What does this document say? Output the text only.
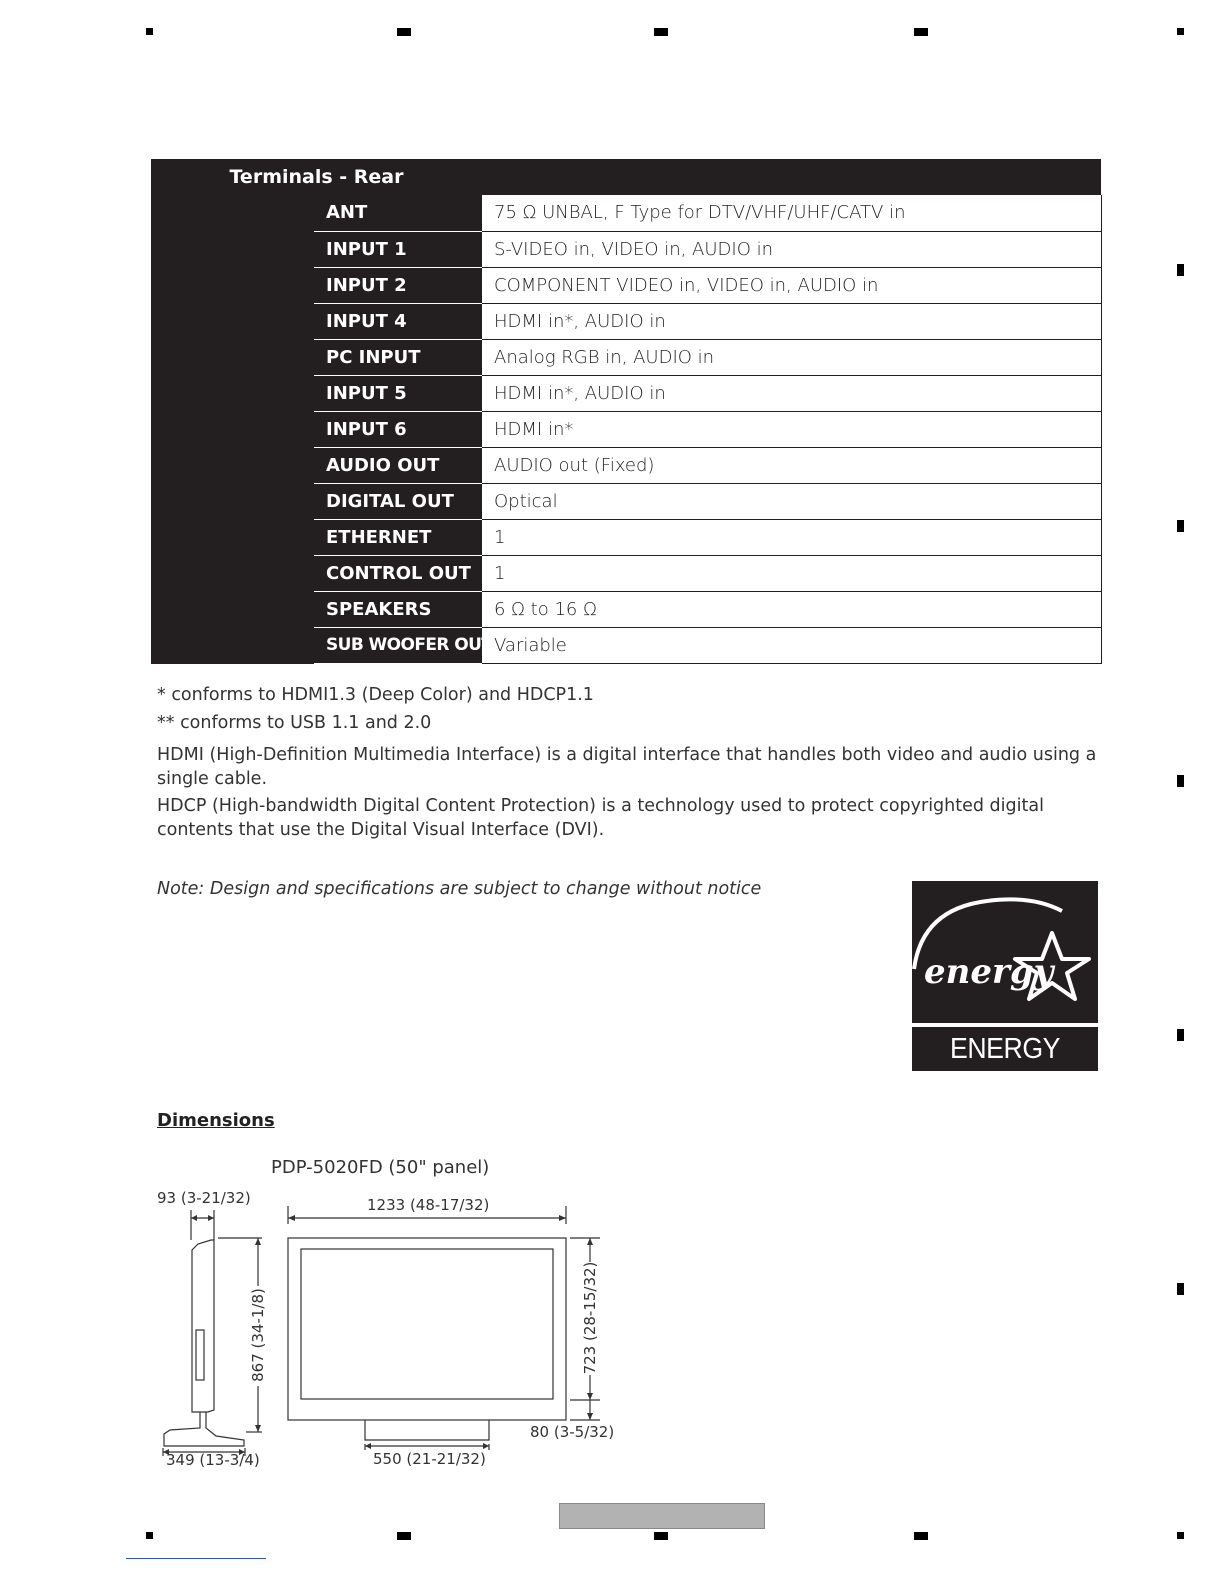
Terminals - Rear		
	ANT	75 Ω UNBAL, F Type for DTV/VHF/UHF/CATV in
	INPUT 1	S-VIDEO in, VIDEO in, AUDIO in
	INPUT 2	COMPONENT VIDEO in, VIDEO in, AUDIO in
	INPUT 4	HDMI in*, AUDIO in
	PC INPUT	Analog RGB in, AUDIO in
	INPUT 5	HDMI in*, AUDIO in
	INPUT 6	HDMI in*
	AUDIO OUT	AUDIO out (Fixed)
	DIGITAL OUT	Optical
	ETHERNET	1
	CONTROL OUT	1
	SPEAKERS	6 Ω to 16 Ω
	SUB WOOFER OUT	Variable
* conforms to HDMI1.3 (Deep Color) and HDCP1.1
** conforms to USB 1.1 and 2.0
HDMI (High-Definition Multimedia Interface) is a digital interface that handles both video and audio using a single cable.
HDCP (High-bandwidth Digital Content Protection) is a technology used to protect copyrighted digital contents that use the Digital Visual Interface (DVI).
Note: Design and specifications are subject to change without notice
energy
ENERGY STAR
Dimensions
PDP-5020FD (50" panel)
93 (3-21/32)	1233 (48-17/32)
867 (34-1/8)	723 (28-15/32)
80 (3-5/32)
349 (13-3/4)	550 (21-21/32)
